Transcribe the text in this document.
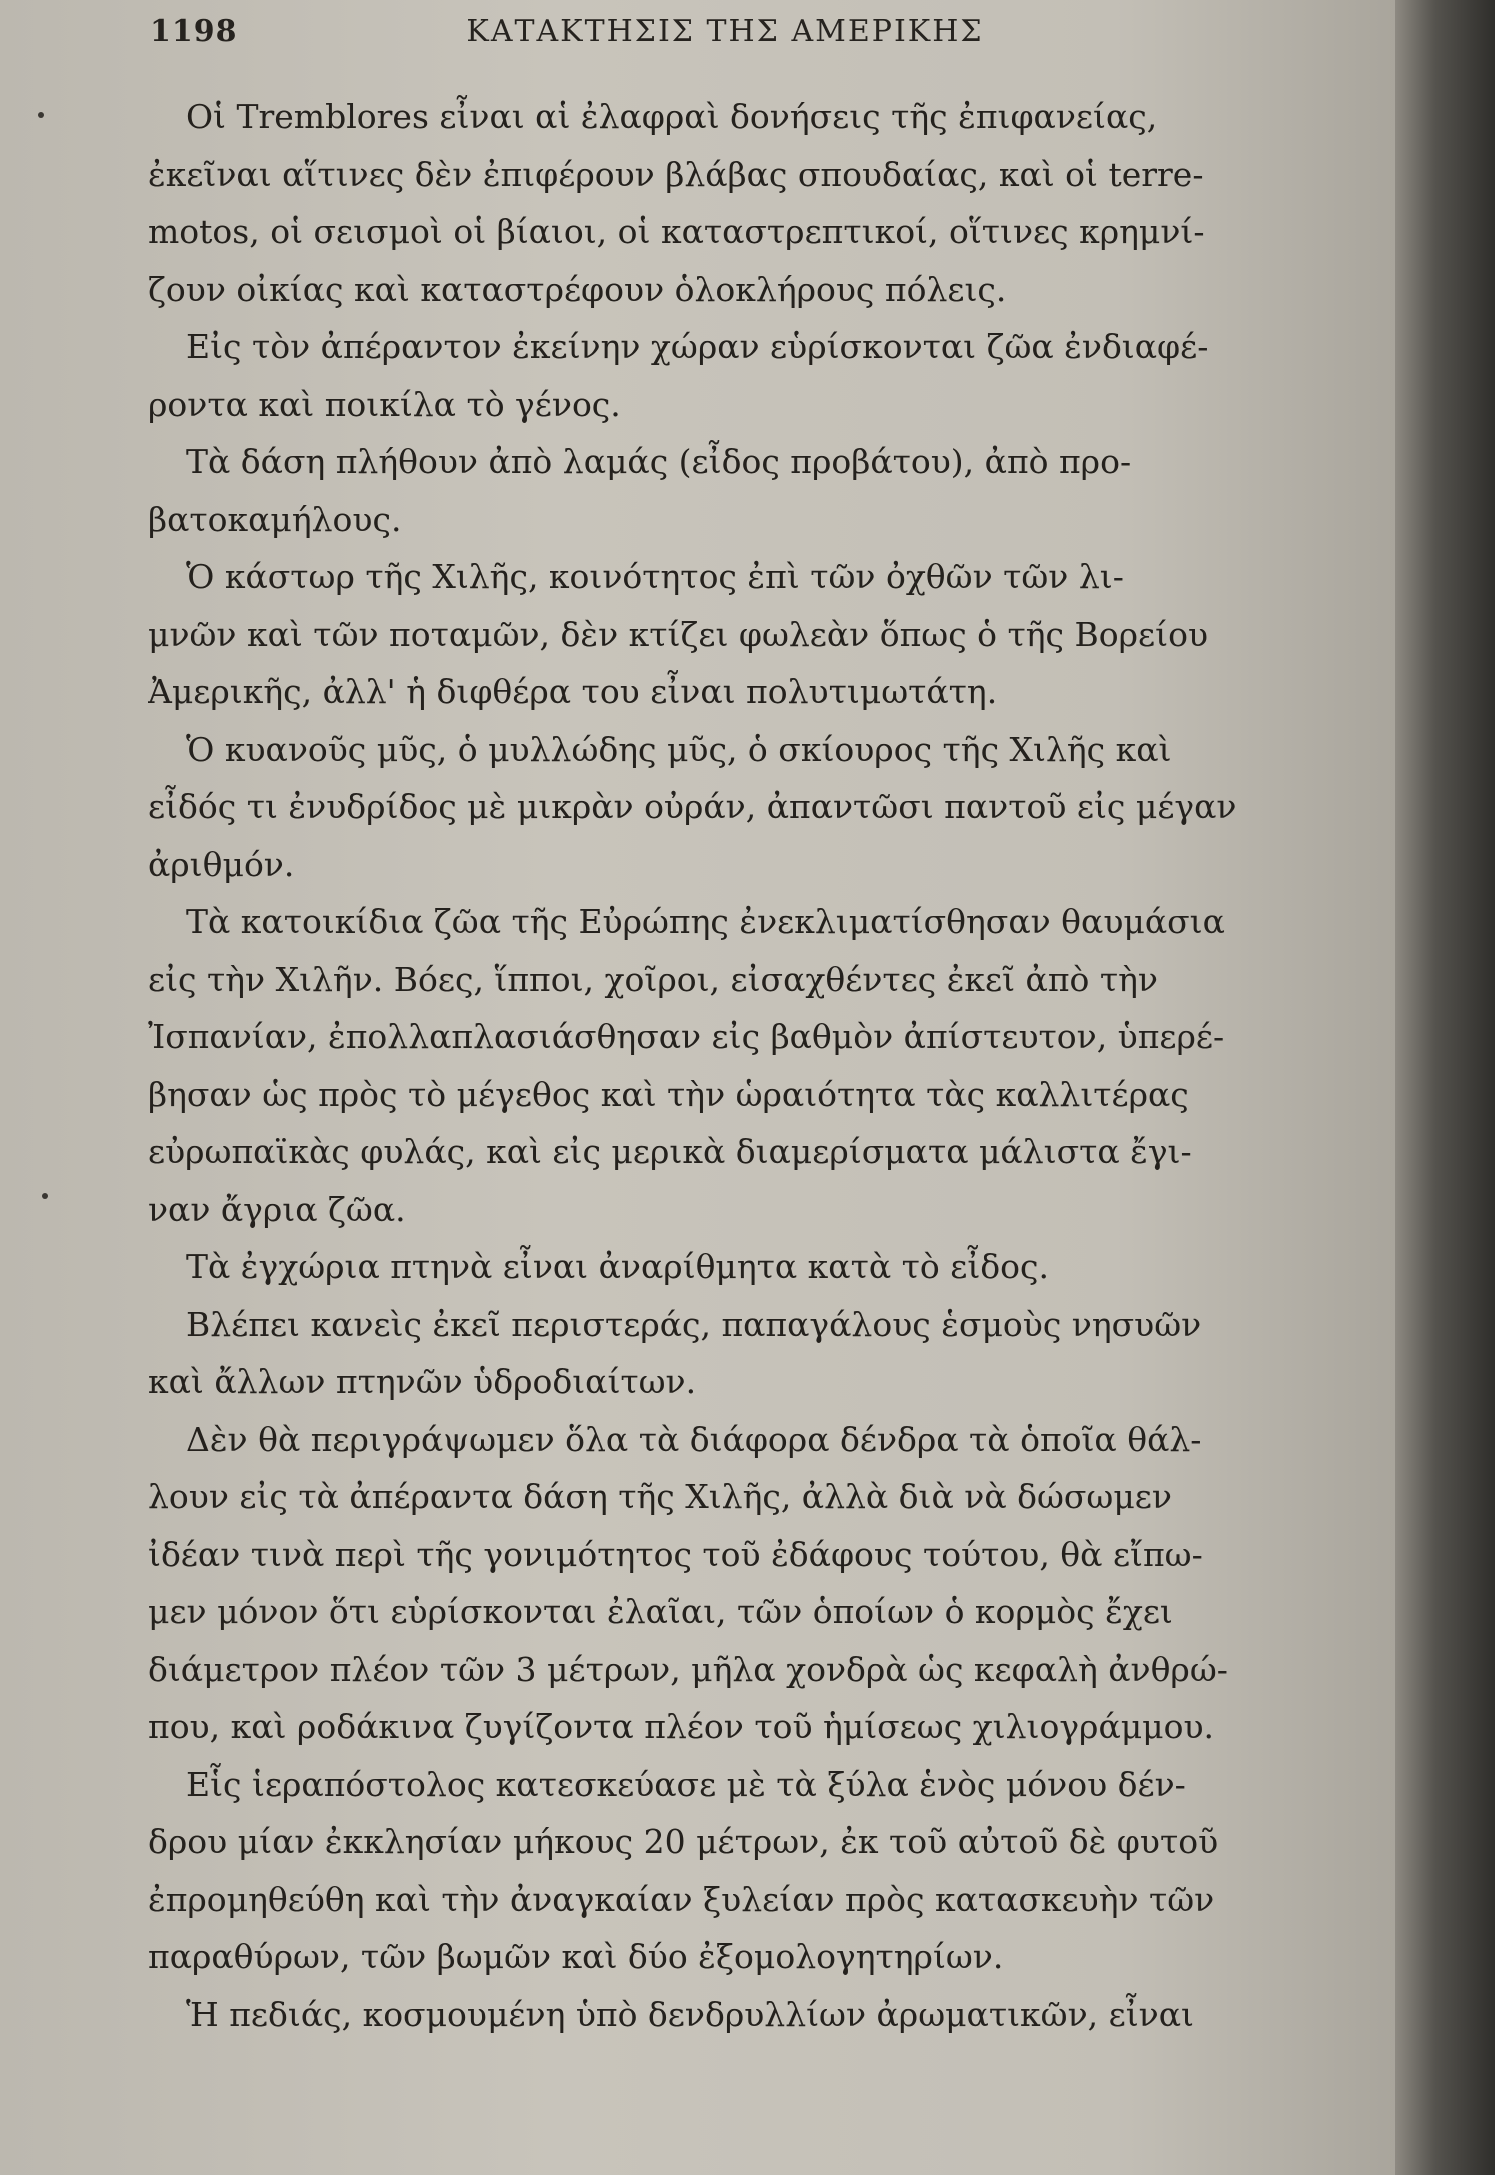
1198	ΚΑΤΑΚΤΗΣΙΣ ΤΗΣ ΑΜΕΡΙΚΗΣ
Οἱ Tremblores εἶναι αἱ ἐλαφραὶ δονήσεις τῆς ἐπιφανείας,
ἐκεῖναι αἵτινες δὲν ἐπιφέρουν βλάβας σπουδαίας, καὶ οἱ terre-
motos, οἱ σεισμοὶ οἱ βίαιοι, οἱ καταστρεπτικοί, οἵτινες κρημνί-
ζουν οἰκίας καὶ καταστρέφουν ὁλοκλήρους πόλεις.
Εἰς τὸν ἀπέραντον ἐκείνην χώραν εὑρίσκονται ζῶα ἐνδιαφέ-
ροντα καὶ ποικίλα τὸ γένος.
Τὰ δάση πλήθουν ἀπὸ λαμάς (εἶδος προβάτου), ἀπὸ προ-
βατοκαμήλους.
Ὁ κάστωρ τῆς Χιλῆς, κοινότητος ἐπὶ τῶν ὀχθῶν τῶν λι-
μνῶν καὶ τῶν ποταμῶν, δὲν κτίζει φωλεὰν ὅπως ὁ τῆς Βορείου
Ἀμερικῆς, ἀλλ' ἡ διφθέρα του εἶναι πολυτιμωτάτη.
Ὁ κυανοῦς μῦς, ὁ μυλλώδης μῦς, ὁ σκίουρος τῆς Χιλῆς καὶ
εἶδός τι ἐνυδρίδος μὲ μικρὰν οὐράν, ἀπαντῶσι παντοῦ εἰς μέγαν
ἀριθμόν.
Τὰ κατοικίδια ζῶα τῆς Εὐρώπης ἐνεκλιματίσθησαν θαυμάσια
εἰς τὴν Χιλῆν. Βόες, ἵπποι, χοῖροι, εἰσαχθέντες ἐκεῖ ἀπὸ τὴν
Ἰσπανίαν, ἐπολλαπλασιάσθησαν εἰς βαθμὸν ἀπίστευτον, ὑπερέ-
βησαν ὡς πρὸς τὸ μέγεθος καὶ τὴν ὡραιότητα τὰς καλλιτέρας
εὐρωπαϊκὰς φυλάς, καὶ εἰς μερικὰ διαμερίσματα μάλιστα ἔγι-
ναν ἄγρια ζῶα.
Τὰ ἐγχώρια πτηνὰ εἶναι ἀναρίθμητα κατὰ τὸ εἶδος.
Βλέπει κανεὶς ἐκεῖ περιστεράς, παπαγάλους ἑσμοὺς νησυῶν
καὶ ἄλλων πτηνῶν ὑδροδιαίτων.
Δὲν θὰ περιγράψωμεν ὅλα τὰ διάφορα δένδρα τὰ ὁποῖα θάλ-
λουν εἰς τὰ ἀπέραντα δάση τῆς Χιλῆς, ἀλλὰ διὰ νὰ δώσωμεν
ἰδέαν τινὰ περὶ τῆς γονιμότητος τοῦ ἐδάφους τούτου, θὰ εἴπω-
μεν μόνον ὅτι εὑρίσκονται ἐλαῖαι, τῶν ὁποίων ὁ κορμὸς ἔχει
διάμετρον πλέον τῶν 3 μέτρων, μῆλα χονδρὰ ὡς κεφαλὴ ἀνθρώ-
που, καὶ ροδάκινα ζυγίζοντα πλέον τοῦ ἡμίσεως χιλιογράμμου.
Εἷς ἱεραπόστολος κατεσκεύασε μὲ τὰ ξύλα ἑνὸς μόνου δέν-
δρου μίαν ἐκκλησίαν μήκους 20 μέτρων, ἐκ τοῦ αὐτοῦ δὲ φυτοῦ
ἐπρομηθεύθη καὶ τὴν ἀναγκαίαν ξυλείαν πρὸς κατασκευὴν τῶν
παραθύρων, τῶν βωμῶν καὶ δύο ἐξομολογητηρίων.
Ἡ πεδιάς, κοσμουμένη ὑπὸ δενδρυλλίων ἀρωματικῶν, εἶναι
